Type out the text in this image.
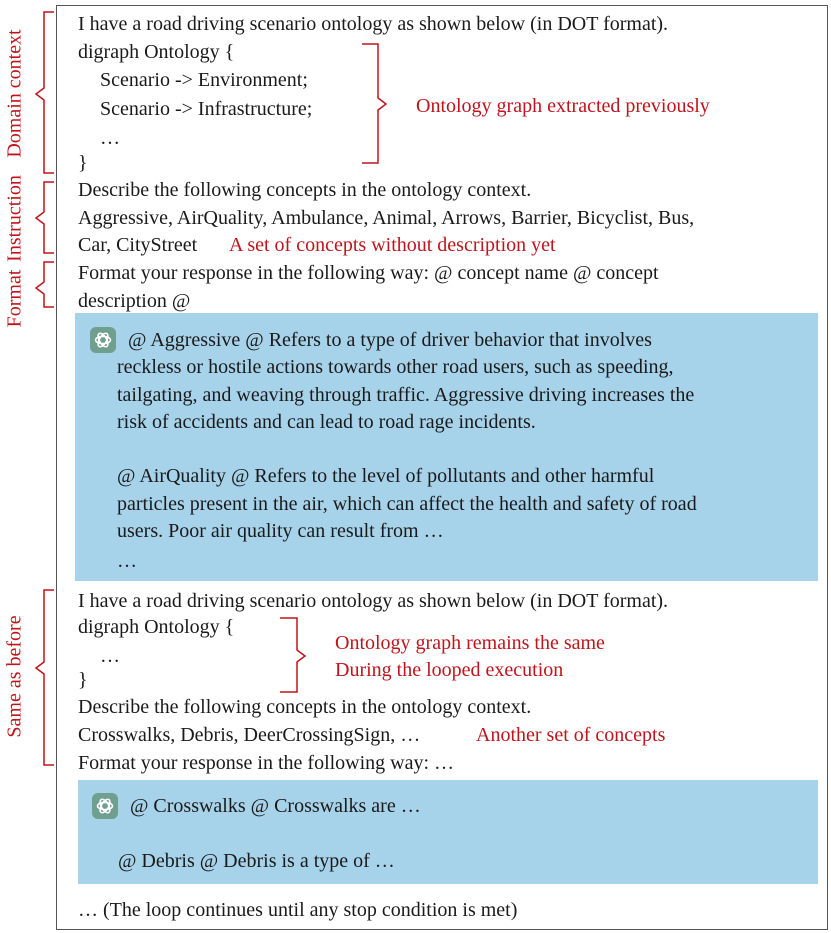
I have a road driving scenario ontology as shown below (in DOT format).
digraph Ontology {
Scenario -> Environment;
Scenario -> Infrastructure;
…
}
Describe the following concepts in the ontology context.
Aggressive, AirQuality, Ambulance, Animal, Arrows, Barrier, Bicyclist, Bus,
Car, CityStreet
Format your response in the following way: @ concept name @ concept
description @
Ontology graph extracted previously
A set of concepts without description yet
@ Aggressive @ Refers to a type of driver behavior that involves
reckless or hostile actions towards other road users, such as speeding,
tailgating, and weaving through traffic. Aggressive driving increases the
risk of accidents and can lead to road rage incidents.
@ AirQuality @ Refers to the level of pollutants and other harmful
particles present in the air, which can affect the health and safety of road
users. Poor air quality can result from …
…
I have a road driving scenario ontology as shown below (in DOT format).
digraph Ontology {
…
}
Describe the following concepts in the ontology context.
Crosswalks, Debris, DeerCrossingSign, …
Format your response in the following way: …
Ontology graph remains the same
During the looped execution
Another set of concepts
@ Crosswalks @ Crosswalks are …
@ Debris @ Debris is a type of …
… (The loop continues until any stop condition is met)
Domain context
Instruction
Format
Same as before
